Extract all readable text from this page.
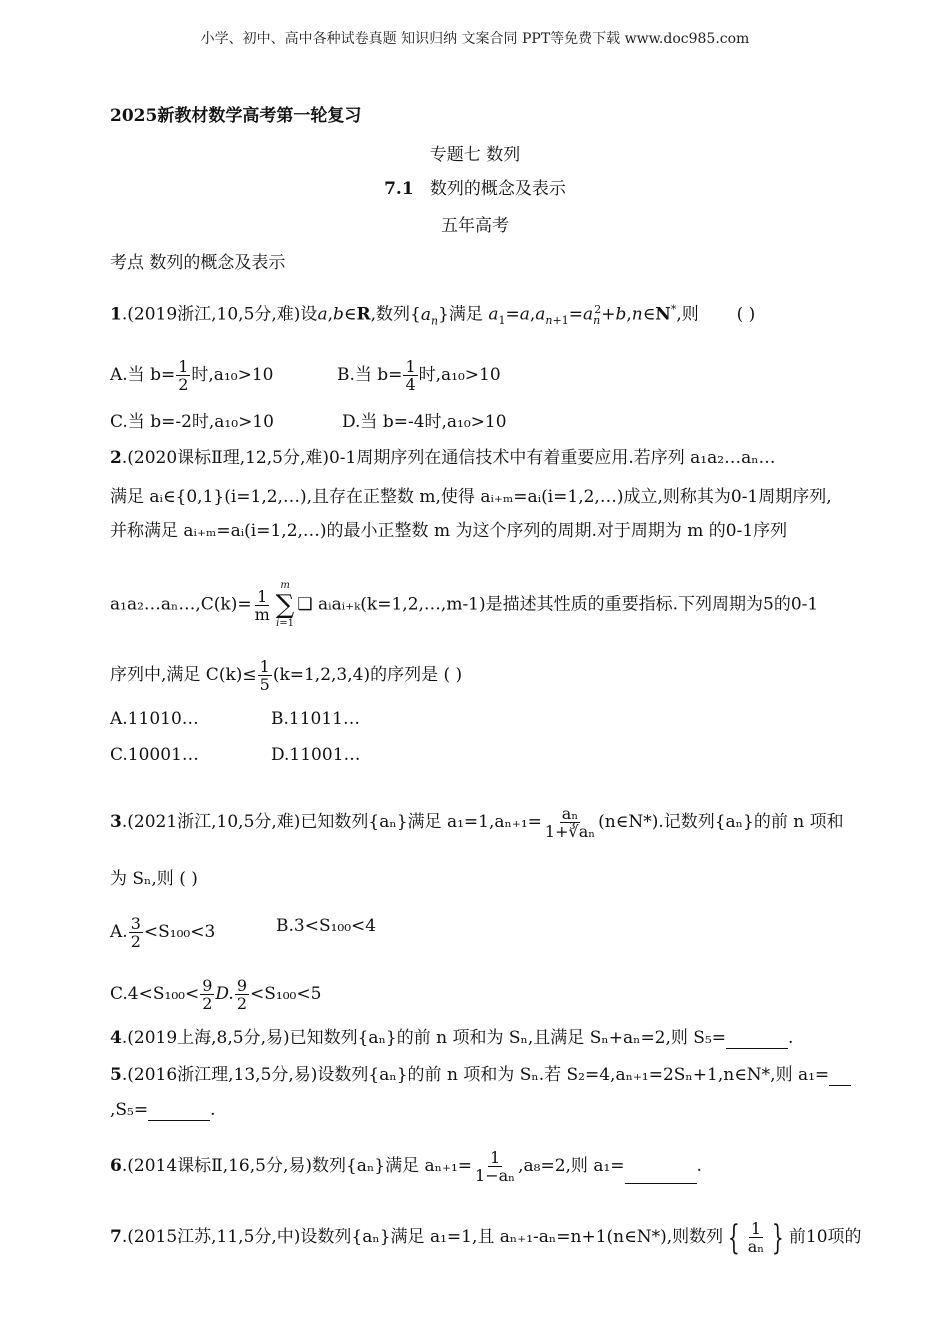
小学、初中、高中各种试卷真题 知识归纳 文案合同 PPT等免费下载 www.doc985.com
2025新教材数学高考第一轮复习
专题七 数列
7.1 数列的概念及表示
五年高考
考点 数列的概念及表示
1.(2019浙江,10,5分,难)设a,b∈R,数列$\{a_n\}$满足 $a_1=a,a_{n+1}=a_n^2+b,n\in N^*$,则 ( )
A.当 $b= \frac{1}{2}$ 时,a₁₀>10	B.当 $b= \frac{1}{4}$ 时,a₁₀>10
C.当 b=-2时,a₁₀>10	D.当 b=-4时,a₁₀>10
2.(2020课标Ⅱ理,12,5分,难)0-1周期序列在通信技术中有着重要应用.若序列 a₁a₂…aₙ…
满足 aᵢ∈{0,1}(i=1,2,…),且存在正整数 m,使得 aᵢ₊ₘ=aᵢ(i=1,2,…)成立,则称其为0-1周期序列,
并称满足 aᵢ₊ₘ=aᵢ(i=1,2,…)的最小正整数 m 为这个序列的周期.对于周期为 m 的0-1序列
a₁a₂…aₙ…,C(k)= $\frac{1}{m}$
m
∑
i=1
❑ aᵢaᵢ₊ₖ(k=1,2,…,m-1)是描述其性质的重要指标.下列周期为5的0-1
序列中,满足 $C(k)\le \frac{1}{5} (k=1,2,3,4)$的序列是 ( )
A.11010…	B.11011…
C.10001…	D.11001…
3.(2021浙江,10,5分,难)已知数列{aₙ}满足 $a_1=1,a_{n+1}= \frac{\text{aₙ}}{\text{1+∛aₙ}}$ (n∈N*).记数列{aₙ}的前 n 项和
为 Sₙ,则 ( )
A. $\frac{3}{2} <S_{100}<3$	B.3<S₁₀₀<4
$C.4<S_{100}< \frac{9}{2} D$. $\frac{9}{2} <S_{100}<5$
4.(2019上海,8,5分,易)已知数列{aₙ}的前 n 项和为 Sₙ,且满足 Sₙ+aₙ=2,则 S₅=	.
5.(2016浙江理,13,5分,易)设数列{aₙ}的前 n 项和为 Sₙ.若 S₂=4,aₙ₊₁=2Sₙ+1,n∈N*,则 a₁=
,S₅=	.
6.(2014课标Ⅱ,16,5分,易)数列{aₙ}满足 $a_{n+1}= \frac{1}{\text{1−aₙ}} ,a_8=2$,则 a₁=	.
7.(2015江苏,11,5分,中)设数列{aₙ}满足 a₁=1,且 aₙ₊₁-aₙ=n+1(n∈N*),则数列 { $\frac{1}{\text{aₙ}}$ } 前10项的
